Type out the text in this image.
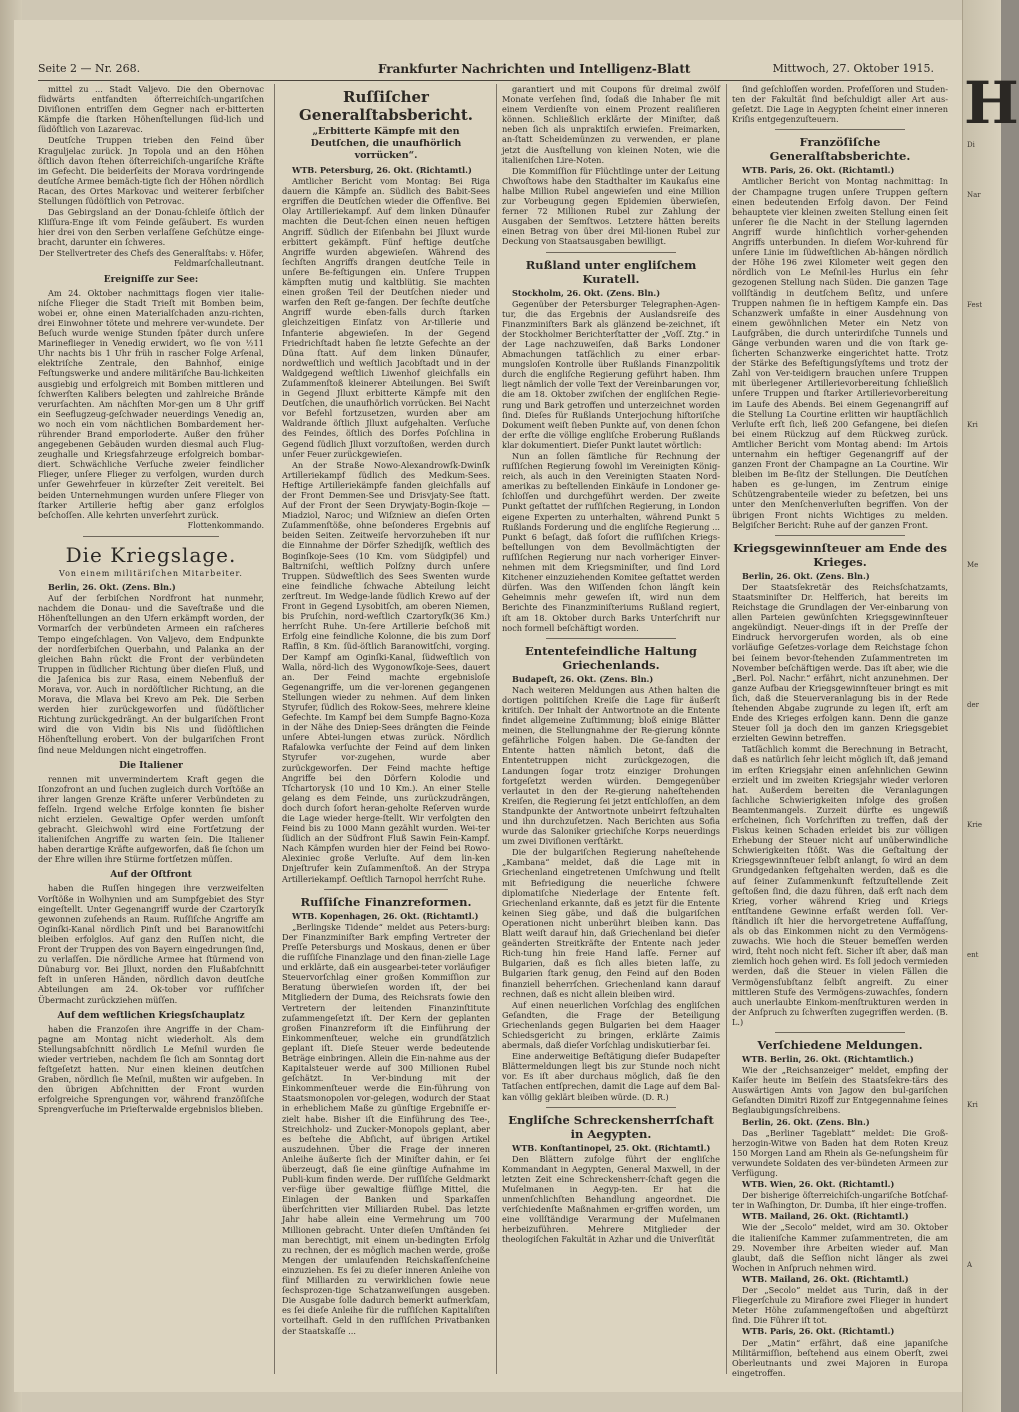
Di
Nar
Fest
Kri
Me
der
Krie
ent
Kri
A
H
Seite 2 — Nr. 268.	Frankfurter Nachrichten und Intelligenz-Blatt	Mittwoch, 27. Oktober 1915.

mittel zu ... Stadt Valjevo. Die den Obernovac füdwärts entfandten öfterreichiſch-ungariſchen Diviſionen entriſſen dem Gegner nach er-bitterten Kämpfe die ſtarken Höhenſtellungen ſüd-lich und ſüdöſtlich von Lazarevac.

Deutſche Truppen trieben den Feind über Kraguljelac zurück. Jn Topola und an den Höhen öſtlich davon ſtehen öſterreichiſch-ungariſche Kräfte im Gefecht. Die beiderſeits der Morava vordringende deutſche Armee bemäch-tigte ſich der Höhen nördlich Racan, des Ortes Markovac und weiterer ſerbiſcher Stellungen ſüdöſtlich von Petrovac.

Das Gebirgsland an der Donau-ſchleiſe öſtlich der Kliſſura-Enge iſt vom Feinde geſäubert. Es wurden hier drei von den Serben verlaſſene Geſchütze einge-bracht, darunter ein ſchweres.

Der Stellvertreter des Chefs des Generalſtabs: v. Höfer, Feldmarſchalleutnant.

Ereigniſſe zur See:

Am 24. Oktober nachmittags flogen vier italie-niſche Flieger die Stadt Trieſt mit Bomben beim, wobei er, ohne einen Materialſchaden anzu-richten, drei Einwohner tötete und mehrere ver-wundete. Der Beſuch wurde wenige Stunden ſpäter durch unſere Marineflieger in Venedig erwidert, wo ſie von ½11 Uhr nachts bis 1 Uhr früh in rascher Folge Arſenal, elektriſche Zentrale, den Bahnhof, einige Feſtungswerke und andere militäriſche Bau-lichkeiten ausgiebig und erfolgreich mit Bomben mittleren und ſchwerſten Kalibers belegten und zahlreiche Brände verurſachten. Am nächſten Mor-gen um 8 Uhr griff ein Seeflugzeug-geſchwader neuerdings Venedig an, wo noch ein vom nächtlichen Bombardement her-rührender Brand emporloderte. Außer den früher angegebenen Gebäuden wurden diesmal auch Flug-zeughalle und Kriegsfahrzeuge erfolgreich bombar-diert. Schwächliche Verſuche zweier feindlicher Flieger, unſere Flieger zu verfolgen, wurden durch unſer Gewehrfeuer in kürzeſter Zeit vereitelt. Bei beiden Unternehmungen wurden unſere Flieger von ſtarker Artillerie heftig aber ganz erfolglos beſchoſſen. Alle kehrten unverſehrt zurück.

Flottenkommando.

Die Kriegslage.
Von einem militäriſchen Mitarbeiter.

Berlin, 26. Okt. (Zens. Bln.)

Auf der ſerbiſchen Nordfront hat nunmehr, nachdem die Donau- und die Saveſtraße und die Höhenſtellungen an den Ufern erkämpft worden, der Vormarſch der verbündeten Armeen ein raſcheres Tempo eingeſchlagen. Von Valjevo, dem Endpunkte der nordſerbiſchen Querbahn, und Palanka an der gleichen Bahn rückt die Front der verbündeten Truppen in ſüdlicher Richtung über dieſen Fluß, und die Jaſenica bis zur Rasa, einem Nebenfluß der Morava, vor. Auch in nordöſtlicher Richtung, an die Morava, die Mlava bei Krevo am Pek. Die Serben werden hier zurückgeworfen und ſüdöſtlicher Richtung zurückgedrängt. An der bulgariſchen Front wird die von Vidin bis Nis und ſüdöſtlichen Höhenſtellung erobert. Von der bulgariſchen Front ſind neue Meldungen nicht eingetroffen.

Die Italiener

rennen mit unvermindertem Kraft gegen die Iſonzofront an und ſuchen zugleich durch Vorſtöße an ihrer langen Grenze Kräfte unſerer Verbündeten zu feſſeln. Irgend welche Erfolge konnten ſie bisher nicht erzielen. Gewaltige Opfer werden umſonſt gebracht. Gleichwohl wird eine Fortſetzung der italieniſchen Angriffe zu warten ſein. Die Italiener haben derartige Kräfte aufgeworfen, daß ſie ſchon um der Ehre willen ihre Stürme fortſetzen müſſen.

Auf der Oſtfront

haben die Ruſſen hingegen ihre verzweifelten Vorſtöße in Wolhynien und am Sumpfgebiet des Styr eingeſtellt. Unter Gegenangriff wurde der Czartoryſk gewonnen zuſehends an Raum. Ruſſiſche Angriffe am Oginſki-Kanal nördlich Pinſt und bei Baranowitſchi bleiben erfolglos. Auf ganz den Ruſſen nicht, die Front der Truppen des von Bayern eingedrungen ſind, zu verlaſſen. Die nördliche Armee hat ſtürmend von Dünaburg vor. Bei Jlluxt, norden den Flußabſchnitt feſt in unſeren Händen, nördlich davon deutſche Abteilungen am 24. Ok-tober vor ruſſiſcher Übermacht zurückziehen müſſen.

Auf dem weſtlichen Kriegsſchauplatz

haben die Franzoſen ihre Angriffe in der Cham-pagne am Montag nicht wiederholt. Als dem Stellungsabſchnitt nördlich Le Meſnil wurden ſie wieder vertrieben, nachdem ſie ſich am Sonntag dort feſtgeſetzt hatten. Nur einen kleinen deutſchen Graben, nördlich ſie Meſnil, mußten wir aufgeben. In den übrigen Abſchnitten der Front wurden erfolgreiche Sprengungen vor, während franzöſiſche Sprengverſuche im Prieſterwalde ergebnislos blieben.

Ruſſiſcher Generalſtabsbericht.
„Erbitterte Kämpfe mit den Deutſchen, die unaufhörlich vorrücken“.

WTB. Petersburg, 26. Okt. (Richtamtl.)

Amtlicher Bericht vom Montag: Bei Riga dauern die Kämpfe an. Südlich des Babit-Sees ergriffen die Deutſchen wieder die Offenſive. Bei Olay Artilleriekampf. Auf dem linken Dünaufer machten die Deut-ſchen einen neuen heftigen Angriff. Südlich der Eiſenbahn bei Jlluxt wurde erbittert gekämpft. Fünf heftige deutſche Angriffe wurden abgewieſen. Während des ſechſten Angriffs drangen deutſche Teile in unſere Be-feſtigungen ein. Unſere Truppen kämpften mutig und kaltblütig. Sie machten einen großen Teil der Deutſchen nieder und warfen den Reſt ge-fangen. Der ſechſte deutſche Angriff wurde eben-falls durch ſtarken gleichzeitigen Einſatz von Ar-tillerie und Infanterie abgewieſen. In der Gegend Friedrichſtadt haben ſie letzte Gefechte an der Düna ſtatt. Auf dem linken Dünaufer, nordweſtlich und weſtlich Jacobſtadt und in der Waldgegend weſtlich Liwenhof gleichfalls ein Zuſammenſtoß kleinerer Abteilungen. Bei Swiſt in Gegend Jlluxt erbitterte Kämpfe mit den Deutſchen, die unaufhörlich vorrücken. Bei Nacht vor Befehl fortzusetzen, wurden aber am Waldrande öſtlich Jlluxt aufgehalten. Verſuche des Feindes, öſtlich des Dorfes Poſchlina in Gegend ſüdlich Jlluxt vorzuſtoßen, werden durch unſer Feuer zurückgewieſen.

An der Straße Nowo-Alexandrowſk-Dwinſk Artilleriekampf ſüdlich des Medkum-Sees. Heftige Artilleriekämpfe fanden gleichfalls auf der Front Demmen-See und Drisvjaty-See ſtatt. Auf der Front der Seen Drywjaty-Bogin-ſkoje —Miadziol, Naroc; und Wiſzniew an dieſen Orten Zuſammenſtöße, ohne beſonderes Ergebnis auf beiden Seiten. Zeitweiſe hervorzuheben iſt nur die Einnahme der Dörfer Szhedijſk, weſtlich des Boginſkoje-Sees (10 Km. vom Südgipfel) und Baltrniſchi, weſtlich Polſzny durch unſere Truppen. Südweſtlich des Sees Swenten wurde eine feindliche ſchwache Abteilung leicht zerſtreut. Im Wedge-lande ſüdlich Krewo auf der Front in Gegend Lysobitſch, am oberen Niemen, bis Pruſchin, nord-weſtlich Czartoryſk(36 Km.) herrſcht Ruhe. Un-ſere Artillerie beſchoß mit Erfolg eine feindliche Kolonne, die bis zum Dorf Rafſin, 8 Km. ſüd-öſtlich Baranowitſchi, vorging. Der Kampf am Oginſki-Kanal, ſüdweſtlich von Walla, nörd-lich des Wygonowſkoje-Sees, dauert an. Der Feind machte ergebnisloſe Gegenangriffe, um die ver-lorenen gegangenen Stellungen wieder zu nehmen. Auf dem linken Styrufer, ſüdlich des Rokow-Sees, mehrere kleine Gefechte. Im Kampf bei dem Sumpfe Bagno-Koza in der Nähe des Dniep-Sees drängten die Feinde unſere Abtei-lungen etwas zurück. Nördlich Rafalowka verſuchte der Feind auf dem linken Styrufer vor-zugehen, wurde aber zurückgeworfen. Der Feind machte heftige Angriffe bei den Dörfern Kolodie und Tſchartorysk (10 und 10 Km.). An einer Stelle gelang es dem Feinde, uns zurückzudrängen, doch durch ſofort heran-geholte Reſerven wurde die Lage wieder herge-ſtellt. Wir verfolgten den Feind bis zu 1000 Mann gezählt wurden. Wei-ter ſüdlich an der Südfront Fluß Sawin Fein-Kampf. Nach Kämpfen wurden hier der Feind bei Rowo-Alexiniec große Verluſte. Auf dem lin-ken Dnjeſtrufer kein Zuſammenſtoß. An der Strypa Artilleriekampf. Oeſtlich Tarnopol herrſcht Ruhe.

Ruſſiſche Finanzreformen.

WTB. Kopenhagen, 26. Okt. (Richtamtl.)

„Berlingske Tidende“ meldet aus Peters-burg: Der Finanzminiſter Bark empfing Vertreter der Preſſe Petersburgs und Moskaus, denen er über die ruſſiſche Finanzlage und den finan-zielle Lage und erklärte, daß ein ausgearbei-teter vorläufiger Steuervorſchlag einer großen Kommiſſion zur Beratung überwieſen worden iſt, der bei Mitgliedern der Duma, des Reichsrats ſowie den Vertretern der leitenden Finanzinſtitute zuſammengeſetzt iſt. Der Kern der geplanten großen Finanzreform iſt die Einführung der Einkommenſteuer, welche ein grundſätzlich geplant iſt. Dieſe Steuer werde bedeutende Beträge einbringen. Allein die Ein-nahme aus der Kapitalsteuer werde auf 300 Millionen Rubel geſchätzt. In Ver-bindung mit der Einkommenſteuer werde die Ein-führung von Staatsmonopolen vor-gelegen, wodurch der Staat in erheblichem Maße zu günſtige Ergebniſſe er-zielt habe. Bisher iſt die Einführung des Tee-, Streichholz- und Zucker-Monopols geplant, aber es beſtehe die Abſicht, auf übrigen Artikel auszudehnen. Über die Frage der inneren Anleihe äußerte ſich der Miniſter dahin, er ſei überzeugt, daß ſie eine günſtige Aufnahme im Publi-kum finden werde. Der ruſſiſche Geldmarkt ver-füge über gewaltige flüſſige Mittel, die Einlagen der Banken und Sparkaſſen überſchritten vier Milliarden Rubel. Das letzte Jahr habe allein eine Vermehrung um 700 Millionen gebracht. Unter dieſen Umſtänden ſei man berechtigt, mit einem un-bedingten Erfolg zu rechnen, der es möglich machen werde, große Mengen der umlaufenden Reichskaſſenſcheine einzuziehen. Es ſei zu dieſer inneren Anleihe von fünf Milliarden zu verwirklichen ſowie neue ſechsprozen-tige Schatzanweiſungen ausgeben. Die Ausgabe ſolle dadurch bemerkt aufmerkſam, es ſei dieſe Anleihe für die ruſſiſchen Kapitaliſten vorteilhaft. Geld in den ruſſiſchen Privatbanken der Staatskaſſe ...

garantiert und mit Coupons für dreimal zwölf Monate verſehen ſind, ſodaß die Inhaber ſie mit einem Verdienſte von einem Prozent realiſieren können. Schließlich erklärte der Miniſter, daß neben ſich als unpraktiſch erwieſen. Freimarken, an-ſtatt Scheidemünzen zu verwenden, er plane jetzt die Ausſtellung von kleinen Noten, wie die italieniſchen Lire-Noten.

Die Kommiſſion für Flüchtlinge unter der Leitung Chwoſtows habe den Stadthalter im Kaukaſus eine halbe Million Rubel angewieſen und eine Million zur Vorbeugung gegen Epidemien überwieſen, ferner 72 Millionen Rubel zur Zahlung der Ausgaben der Semſtwos. Letztere hätten bereits einen Betrag von über drei Mil-lionen Rubel zur Deckung von Staatsausgaben bewilligt.

Rußland unter engliſchem Kuratell.

Stockholm, 26. Okt. (Zens. Bln.)

Gegenüber der Petersburger Telegraphen-Agen-tur, die das Ergebnis der Auslandsreiſe des Finanzminiſters Bark als glänzend be-zeichnet, iſt der Stockholmer Berichterſtatter der „Voſſ. Ztg.“ in der Lage nachzuweiſen, daß Barks Londoner Abmachungen tatſächlich zu einer erbar-mungsloſen Kontrolle über Rußlands Finanzpolitik durch die engliſche Regierung geführt haben. Ihm liegt nämlich der volle Text der Vereinbarungen vor, die am 18. Oktober zwiſchen der engliſchen Regie-rung und Bark getroffen und unterzeichnet worden ſind. Dieſes für Rußlands Unterjochung hiſtoriſche Dokument weiſt ſieben Punkte auf, von denen ſchon der erſte die völlige engliſche Eroberung Rußlands klar dokumentiert. Dieſer Punkt lautet wörtlich:

Nun an ſollen ſämtliche für Rechnung der ruſſiſchen Regierung ſowohl im Vereinigten König-reich, als auch in den Vereinigten Staaten Nord-amerikas zu beſtellenden Einkäufe in Londoner ge-ſchloſſen und durchgeführt werden. Der zweite Punkt geſtattet der ruſſiſchen Regierung, in London eigene Experten zu unterhalten, während Punkt 5 Rußlands Forderung und die engliſche Regierung ... Punkt 6 beſagt, daß ſoſort die ruſſiſchen Kriegs-beſtellungen von dem Bevollmächtigten der ruſſiſchen Regierung nur nach vorheriger Einver-nehmen mit dem Kriegsminiſter, und ſind Lord Kitchener einzuziehenden Komitee geſtattet werden dürfen. Was den Wiſſenden ſchon längſt kein Geheimnis mehr geweſen iſt, wird nun dem Berichte des Finanzminiſteriums Rußland regiert, iſt am 18. Oktober durch Barks Unterſchrift nur noch formell beſchäftigt worden.

Ententefeindliche Haltung Griechenlands.

Budapeſt, 26. Okt. (Zens. Bln.)

Nach weiteren Meldungen aus Athen halten die dortigen politiſchen Kreiſe die Lage für äußerſt kritiſch. Der Inhalt der Antwortnote an die Entente findet allgemeine Zuſtimmung; bloß einige Blätter meinen, die Stellungnahme der Re-gierung könnte gefährliche Folgen haben. Die Ge-ſandten der Entente hatten nämlich betont, daß die Ententetruppen nicht zurückgezogen, die Landungen ſogar trotz einziger Drohungen fortgeſetzt werden würden. Demgegenüber verlautet in den der Re-gierung naheſtehenden Kreiſen, die Regierung ſei jetzt entſchloſſen, an dem Standpunkte der Antwortnote unbeirrt feſtzuhalten und ihn durchzuſetzen. Nach Berichten aus Sofia wurde das Saloniker griechiſche Korps neuerdings um zwei Diviſionen verſtärkt.

Die der bulgariſchen Regierung naheſtehende „Kambana“ meldet, daß die Lage mit in Griechenland eingetretenen Umſchwung und ſtellt mit Befriedigung die neuerliche ſchwere diplomatiſche Niederlage der Entente feſt. Griechenland erkannte, daß es jetzt für die Entente keinen Sieg gäbe, und daß die bulgariſchen Operationen nicht unberührt bleiben kann. Das Blatt weiſt darauf hin, daß Griechenland bei dieſer geänderten Streitkräfte der Entente nach jeder Rich-tung hin freie Hand lafſe. Ferner auf Bulgarien, daß es ſich alles bieten laſſe, zu Bulgarien ſtark genug, den Feind auf den Boden finanziell beherrſchen. Griechenland kann darauf rechnen, daß es nicht allein bleiben wird.

Auf einen neuerlichen Vorſchlag des engliſchen Geſandten, die Frage der Beteiligung Griechenlands gegen Bulgarien bei dem Haager Schiedsgericht zu bringen, erklärte Zaimis abermals, daß dieſer Vorſchlag undiskutierbar ſei.

Eine anderweitige Beſtätigung dieſer Budapeſter Blättermeldungen liegt bis zur Stunde noch nicht vor. Es iſt aber durchaus möglich, daß ſie den Tatſachen entſprechen, damit die Lage auf dem Bal-kan völlig geklärt bleiben würde. (D. R.)

Engliſche Schreckensherrſchaft in Aegypten.

WTB. Konſtantinopel, 25. Okt. (Richtamtl.)

Den Blättern zufolge führt der engliſche Kommandant in Aegypten, General Maxwell, in der letzten Zeit eine Schreckensherr-ſchaft gegen die Muſelmanen in Aegyp-ten. Er hat die unmenſchlichſten Behandlung angeordnet. Die verſchiedenſte Maßnahmen er-griffen worden, um eine vollſtändige Verarmung der Muſelmanen herbeizuführen. Mehrere Mitglieder der theologiſchen Fakultät in Azhar und die Univerſität

ſind geſchloſſen worden. Profeſſoren und Studen-ten der Fakultät ſind beſchuldigt aller Art aus-geſetzt. Die Lage in Aegypten ſcheint einer inneren Kriſis entgegenzuſteuern.

Franzöſiſche Generalſtabsberichte.

WTB. Paris, 26. Okt. (Richtamtl.)

Amtlicher Bericht von Montag nachmittag: In der Champagne trugen unſere Truppen geſtern einen bedeutenden Erfolg davon. Der Feind behauptete vier kleinen zweiten Stellung einen ſeit unſerer ſie die Nacht in der Stellung lagernden Angriff wurde hinſichtlich vorher-gehenden Angriffs unterbunden. In dieſem Wor-kuhrend für unſere Linie im ſüdweſtlichen Ab-hängen nördlich der Höhe 196 zwei Kilometer weit gegen den nördlich von Le Meſnil-les Hurlus ein ſehr gezogenen Stellung nach Süden. Die ganzen Tage vollſtändig in deutſchem Beſitz, und unſere Truppen nahmen ſie in heftigem Kampfe ein. Das Schanzwerk umfaßte in einer Ausdehnung von einem gewöhnlichen Meter ein Netz von Laufgräben, die durch unterirdiſche Tunnels und Gänge verbunden waren und die von ſtark ge-ſicherten Schanzwerke eingerichtet hatte. Trotz der Stärke des Befeſtigungsſyſtems und trotz der Zahl von Ver-teidigern brauchen unſere Truppen mit überlegener Artillerievorbereitung ſchließlich unſere Truppen und ſtarker Artillerievorbereitung im Laufe des Abends. Bei einem Gegenangriff auf die Stellung La Courtine erlitten wir hauptſächlich Verluſte erſt ſich, ließ 200 Gefangene, bei dieſen bei einem Rückzug auf dem Rückweg zurück. Amtlicher Bericht vom Montag abend: Im Artois unternahm ein heftiger Gegenangriff auf der ganzen Front der Champagne an La Courtine. Wir bleiben im Be-ſitz der Stellungen. Die Deutſchen haben es ge-lungen, im Zentrum einige Schützengrabenteile wieder zu beſetzen, bei uns unter den Menſchenverluſten begriffen. Von der übrigen Front nichts Wichtiges zu melden. Belgiſcher Bericht: Ruhe auf der ganzen Front.

Kriegsgewinnſteuer am Ende des Krieges.

Berlin, 26. Okt. (Zens. Bln.)

Der Staatsſekretär des Reichsſchatzamts, Staatsminiſter Dr. Helfferich, hat bereits im Reichstage die Grundlagen der Ver-einbarung von allen Parteien gewünſchten Kriegsgewinnſteuer angekündigt. Neuer-dings iſt in der Preſſe der Eindruck hervorgerufen worden, als ob eine vorläufige Geſetzes-vorlage dem Reichstage ſchon bei ſeinem bevor-ſtehenden Zuſammentreten im November beſchäftigen werde. Das iſt aber, wie die „Berl. Pol. Nachr.“ erfährt, nicht anzunehmen. Der ganze Aufbau der Kriegsgewinnſteuer bringt es mit ſich, daß die Steuerveranlagung bis in der Rede ſtehenden Abgabe zugrunde zu legen iſt, erſt am Ende des Krieges erfolgen kann. Denn die ganze Steuer ſoll ja doch den im ganzen Kriegsgebiet erzielten Gewinn betreffen.

Tatſächlich kommt die Berechnung in Betracht, daß es natürlich ſehr leicht möglich iſt, daß jemand im erſten Kriegsjahr einen anſehnlichen Gewinn erzielt und im zweiten Kriegsjahr wieder verloren hat. Außerdem bereiten die Veranlagungen ſachliche Schwierigkeiten infolge des großen Beamtenmangels. Zurzeit dürfte es ungewiß erſcheinen, ſich Vorſchriften zu treffen, daß der Fiskus keinen Schaden erleidet bis zur völligen Erhebung der Steuer nicht auf unüberwindliche Schwierigkeiten ſtößt. Was die Geſtaltung der Kriegsgewinnſteuer ſelbſt anlangt, ſo wird an dem Grundgedanken feſtgehalten werden, daß es die auf ſeiner Zuſammenkunft feſtzuſtellende Zeit geſtoßen ſind, die dazu führen, daß erſt nach dem Krieg, vorher während Krieg und Kriegs entſtandene Gewinne erfaßt werden ſoll. Ver-ſtändlich iſt hier die hervorgetretene Auffaſſung, als ob das Einkommen nicht zu den Vermögens-zuwachs. Wie hoch die Steuer bemeſſen werden wird, ſteht noch nicht feſt. Sicher iſt aber, daß man ziemlich hoch gehen wird. Es ſoll jedoch vermieden werden, daß die Steuer in vielen Fällen die Vermögensſubſtanz ſelbſt angreift. Zu einer mittleren Stufe des Vermögens-zuwachſes, ſondern auch unerlaubte Einkom-menſtrukturen werden in der Anſpruch zu ſchwerſten zugegriffen werden. (B. L.)

Verſchiedene Meldungen.

WTB. Berlin, 26. Okt. (Richtamtlich.)

Wie der „Reichsanzeiger“ meldet, empfing der Kaiſer heute im Beiſein des Staatsſekre-tärs des Auswärtigen Amts von Jagow den bul-gariſchen Geſandten Dimitri Rizoff zur Entgegennahme ſeines Beglaubigungsſchreibens.

Berlin, 26. Okt. (Zens. Bln.)

Das „Berliner Tageblatt“ meldet: Die Groß-herzogin-Witwe von Baden hat dem Roten Kreuz 150 Morgen Land am Rhein als Ge-neſungsheim für verwundete Soldaten des ver-bündeten Armeen zur Verfügung.

WTB. Wien, 26. Okt. (Richtamtl.)

Der bisherige öſterreichiſch-ungariſche Botſchaf-ter in Waſhington, Dr. Dumba, iſt hier einge-troffen.

WTB. Mailand, 26. Okt. (Richtamtl.)

Wie der „Secolo“ meldet, wird am 30. Oktober die italieniſche Kammer zuſammentreten, die am 29. November ihre Arbeiten wieder auf. Man glaubt, daß die Seſſion nicht länger als zwei Wochen in Anſpruch nehmen wird.

WTB. Mailand, 26. Okt. (Richtamtl.)

Der „Secolo“ meldet aus Turin, daß in der Fliegerſchule zu Mirafiore zwei Flieger in hundert Meter Höhe zuſammengeſtoßen und abgeſtürzt ſind. Die Führer iſt tot.

WTB. Paris, 26. Okt. (Richtamtl.)

Der „Matin“ erfährt, daß eine japaniſche Militärmiſſion, beſtehend aus einem Oberſt, zwei Oberleutnants und zwei Majoren in Europa eingetroffen.
